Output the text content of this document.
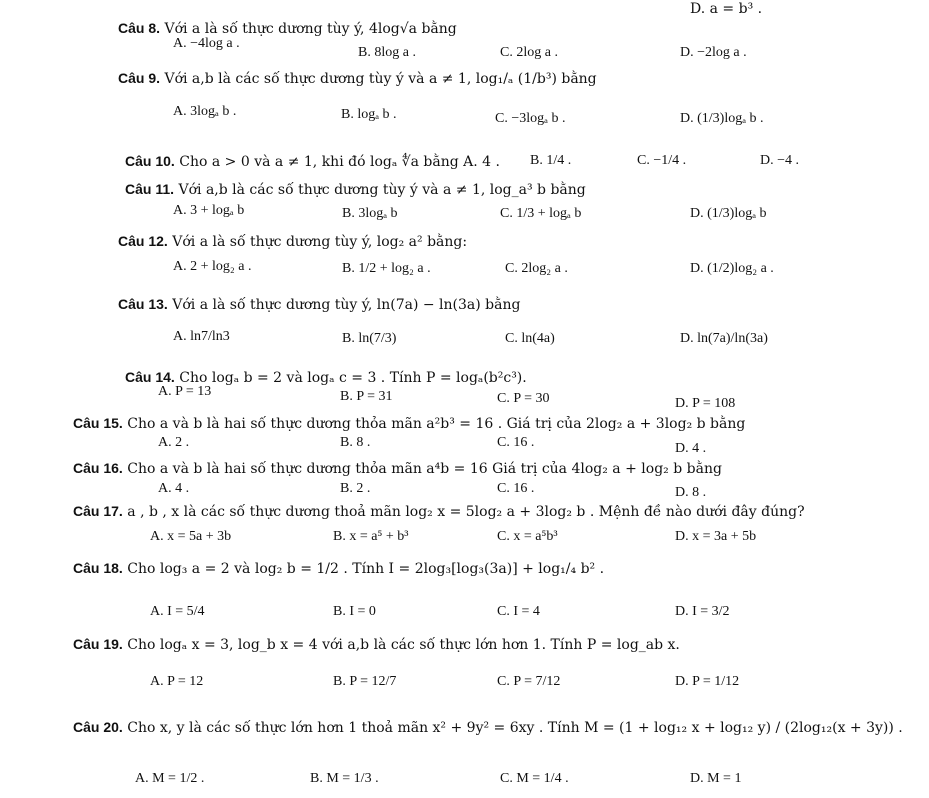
D. a = b³ .
Câu 8. Với a là số thực dương tùy ý, 4log√a bằng
A. −4log a .
B. 8log a .	C. 2log a .	D. −2log a .
Câu 9. Với a,b là các số thực dương tùy ý và a ≠ 1, log₁/ₐ (1/b³) bằng
A. 3logₐ b .	B. logₐ b .	C. −3logₐ b .	D. (1/3)logₐ b .
Câu 10. Cho a > 0 và a ≠ 1, khi đó logₐ ∜a bằng A. 4 . B. 1/4 .	C. −1/4 .	D. −4 .
Câu 11. Với a,b là các số thực dương tùy ý và a ≠ 1, log_a³ b bằng
A. 3 + logₐ b	B. 3logₐ b	C. 1/3 + logₐ b	D. (1/3)logₐ b
Câu 12. Với a là số thực dương tùy ý, log₂ a² bằng:
A. 2 + log₂ a .	B. 1/2 + log₂ a .	C. 2log₂ a .	D. (1/2)log₂ a .
Câu 13. Với a là số thực dương tùy ý, ln(7a) − ln(3a) bằng
A. ln7/ln3	B. ln(7/3)	C. ln(4a)	D. ln(7a)/ln(3a)
Câu 14. Cho logₐ b = 2 và logₐ c = 3 . Tính P = logₐ(b²c³).
A. P = 13	B. P = 31	C. P = 30	D. P = 108
Câu 15. Cho a và b là hai số thực dương thỏa mãn a²b³ = 16 . Giá trị của 2log₂ a + 3log₂ b bằng
A. 2 .	B. 8 .	C. 16 .	D. 4 .
Câu 16. Cho a và b là hai số thực dương thỏa mãn a⁴b = 16 Giá trị của 4log₂ a + log₂ b bằng
A. 4 .	B. 2 .	C. 16 .	D. 8 .
Câu 17. a , b , x là các số thực dương thoả mãn log₂ x = 5log₂ a + 3log₂ b . Mệnh đề nào dưới đây đúng?
A. x = 5a + 3b	B. x = a⁵ + b³	C. x = a⁵b³	D. x = 3a + 5b
Câu 18. Cho log₃ a = 2 và log₂ b = 1/2 . Tính I = 2log₃[log₃(3a)] + log₁/₄ b² .
A. I = 5/4	B. I = 0	C. I = 4	D. I = 3/2
Câu 19. Cho logₐ x = 3, log_b x = 4 với a,b là các số thực lớn hơn 1. Tính P = log_ab x.
A. P = 12	B. P = 12/7	C. P = 7/12	D. P = 1/12
Câu 20. Cho x, y là các số thực lớn hơn 1 thoả mãn x² + 9y² = 6xy . Tính M = (1 + log₁₂ x + log₁₂ y) / (2log₁₂(x + 3y)) .
A. M = 1/2 .	B. M = 1/3 .	C. M = 1/4 .	D. M = 1
